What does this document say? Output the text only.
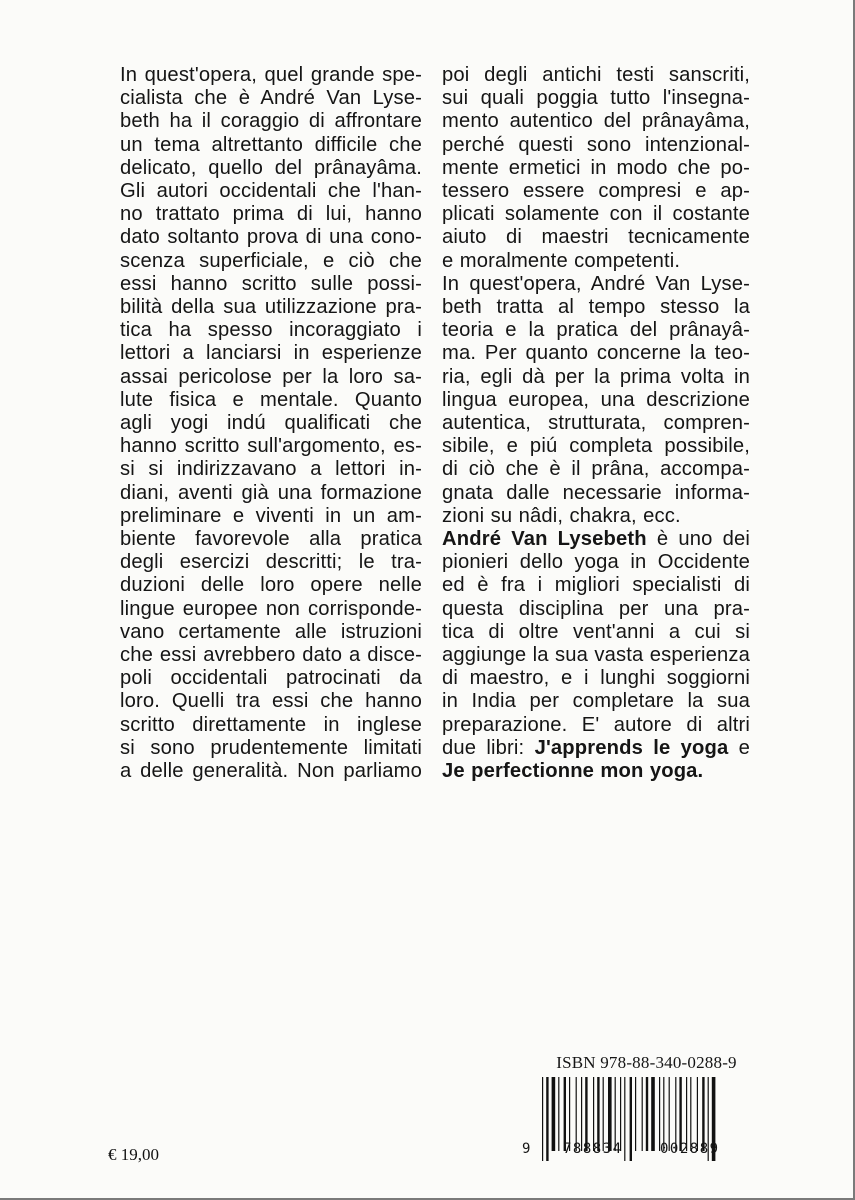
In quest'opera, quel grande spe-
cialista che è André Van Lyse-
beth ha il coraggio di affrontare
un tema altrettanto difficile che
delicato, quello del prânayâma.
Gli autori occidentali che l'han-
no trattato prima di lui, hanno
dato soltanto prova di una cono-
scenza superficiale, e ciò che
essi hanno scritto sulle possi-
bilità della sua utilizzazione pra-
tica ha spesso incoraggiato i
lettori a lanciarsi in esperienze
assai pericolose per la loro sa-
lute fisica e mentale. Quanto
agli yogi indú qualificati che
hanno scritto sull'argomento, es-
si si indirizzavano a lettori in-
diani, aventi già una formazione
preliminare e viventi in un am-
biente favorevole alla pratica
degli esercizi descritti; le tra-
duzioni delle loro opere nelle
lingue europee non corrisponde-
vano certamente alle istruzioni
che essi avrebbero dato a disce-
poli occidentali patrocinati da
loro. Quelli tra essi che hanno
scritto direttamente in inglese
si sono prudentemente limitati
a delle generalità. Non parliamo
poi degli antichi testi sanscriti,
sui quali poggia tutto l'insegna-
mento autentico del prânayâma,
perché questi sono intenzional-
mente ermetici in modo che po-
tessero essere compresi e ap-
plicati solamente con il costante
aiuto di maestri tecnicamente
e moralmente competenti.
In quest'opera, André Van Lyse-
beth tratta al tempo stesso la
teoria e la pratica del prânayâ-
ma. Per quanto concerne la teo-
ria, egli dà per la prima volta in
lingua europea, una descrizione
autentica, strutturata, compren-
sibile, e piú completa possibile,
di ciò che è il prâna, accompa-
gnata dalle necessarie informa-
zioni su nâdi, chakra, ecc.
André Van Lysebeth è uno dei
pionieri dello yoga in Occidente
ed è fra i migliori specialisti di
questa disciplina per una pra-
tica di oltre vent'anni a cui si
aggiunge la sua vasta esperienza
di maestro, e i lunghi soggiorni
in India per completare la sua
preparazione. E' autore di altri
due libri: J'apprends le yoga e
Je perfectionne mon yoga.
€ 19,00
ISBN 978-88-340-0288-9
9 788834	002889
